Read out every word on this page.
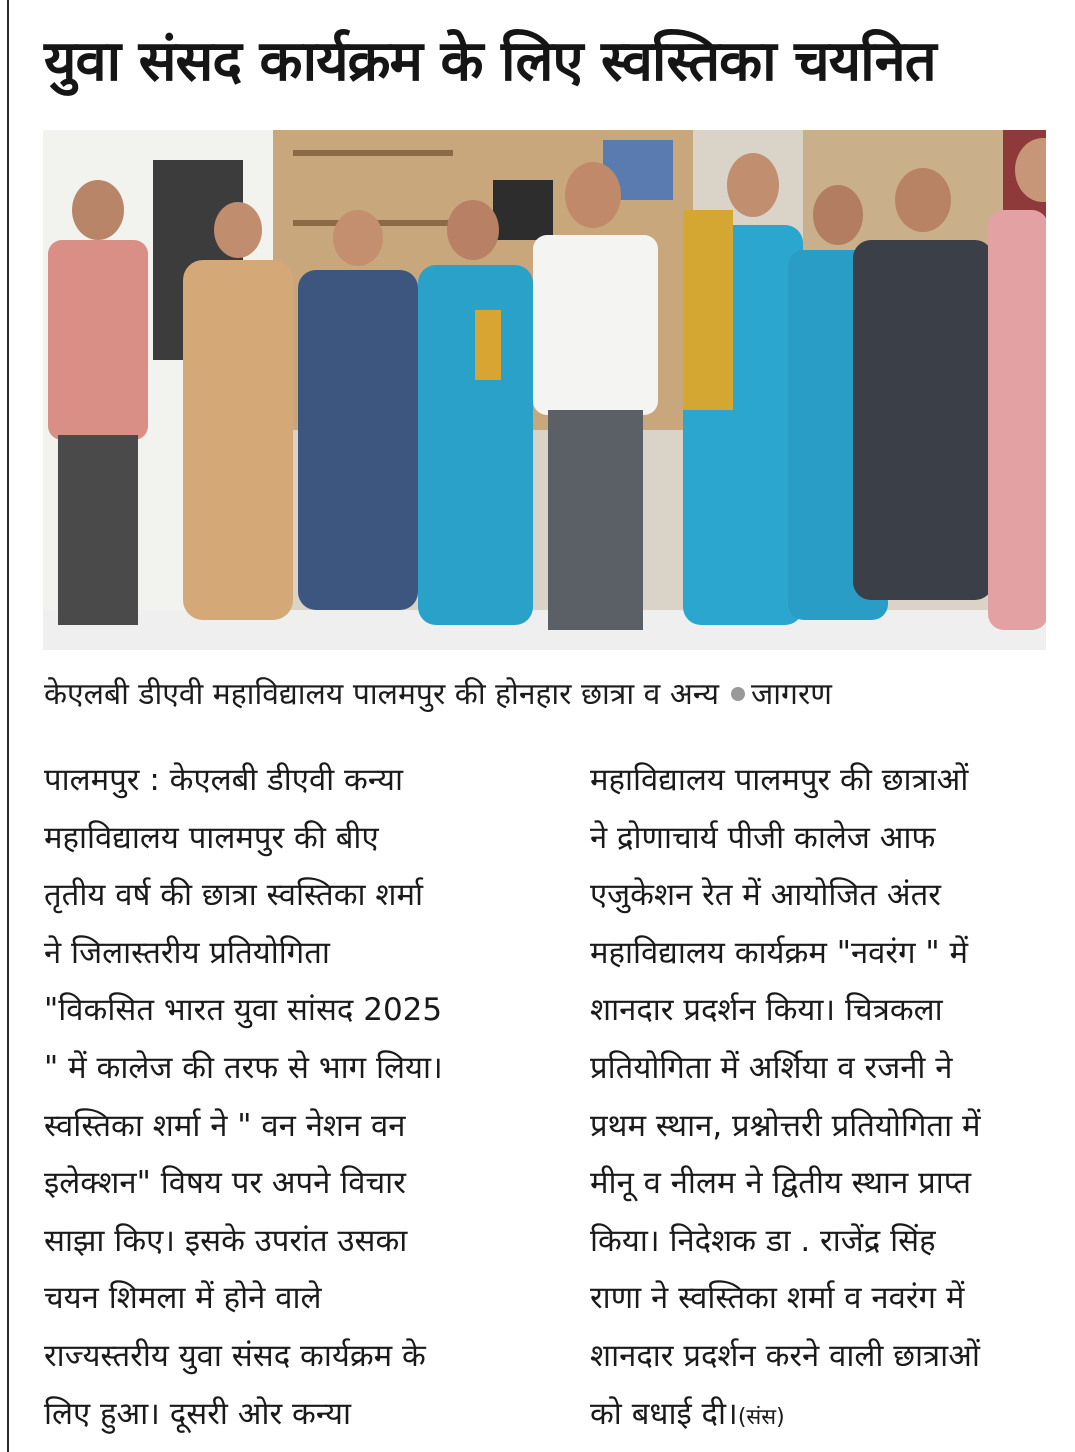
युवा संसद कार्यक्रम के लिए स्वस्तिका चयनित
केएलबी डीएवी महाविद्यालय पालमपुर की होनहार छात्रा व अन्य जागरण
पालमपुर : केएलबी डीएवी कन्या
महाविद्यालय पालमपुर की बीए
तृतीय वर्ष की छात्रा स्वस्तिका शर्मा
ने जिलास्तरीय प्रतियोगिता
"विकसित भारत युवा सांसद 2025
" में कालेज की तरफ से भाग लिया।
स्वस्तिका शर्मा ने " वन नेशन वन
इलेक्शन" विषय पर अपने विचार
साझा किए। इसके उपरांत उसका
चयन शिमला में होने वाले
राज्यस्तरीय युवा संसद कार्यक्रम के
लिए हुआ। दूसरी ओर कन्या
महाविद्यालय पालमपुर की छात्राओं
ने द्रोणाचार्य पीजी कालेज आफ
एजुकेशन रेत में आयोजित अंतर
महाविद्यालय कार्यक्रम "नवरंग " में
शानदार प्रदर्शन किया। चित्रकला
प्रतियोगिता में अर्शिया व रजनी ने
प्रथम स्थान, प्रश्नोत्तरी प्रतियोगिता में
मीनू व नीलम ने द्वितीय स्थान प्राप्त
किया। निदेशक डा . राजेंद्र सिंह
राणा ने स्वस्तिका शर्मा व नवरंग में
शानदार प्रदर्शन करने वाली छात्राओं
को बधाई दी।(संस)
